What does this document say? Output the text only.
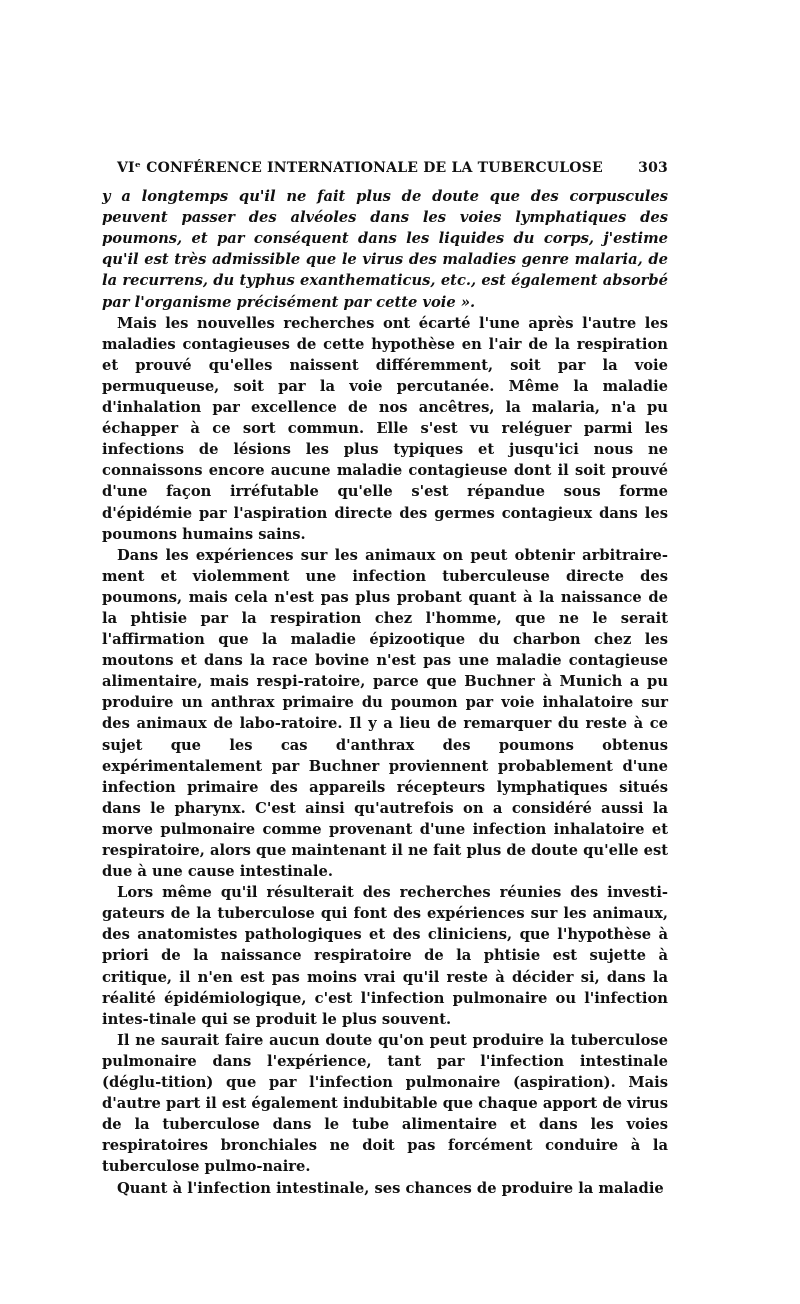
VIᵉ CONFÉRENCE INTERNATIONALE DE LA TUBERCULOSE	303

y a longtemps qu'il ne fait plus de doute que des corpuscules peuvent passer des alvéoles dans les voies lymphatiques des poumons, et par conséquent dans les liquides du corps, j'estime qu'il est très admissible que le virus des maladies genre malaria, de la recurrens, du typhus exanthematicus, etc., est également absorbé par l'organisme précisément par cette voie ».

Mais les nouvelles recherches ont écarté l'une après l'autre les maladies contagieuses de cette hypothèse en l'air de la respiration et prouvé qu'elles naissent différemment, soit par la voie permuqueuse, soit par la voie percutanée. Même la maladie d'inhalation par excellence de nos ancêtres, la malaria, n'a pu échapper à ce sort commun. Elle s'est vu reléguer parmi les infections de lésions les plus typiques et jusqu'ici nous ne connaissons encore aucune maladie contagieuse dont il soit prouvé d'une façon irréfutable qu'elle s'est répandue sous forme d'épidémie par l'aspiration directe des germes contagieux dans les poumons humains sains.

Dans les expériences sur les animaux on peut obtenir arbitraire-ment et violemment une infection tuberculeuse directe des poumons, mais cela n'est pas plus probant quant à la naissance de la phtisie par la respiration chez l'homme, que ne le serait l'affirmation que la maladie épizootique du charbon chez les moutons et dans la race bovine n'est pas une maladie contagieuse alimentaire, mais respi-ratoire, parce que Buchner à Munich a pu produire un anthrax primaire du poumon par voie inhalatoire sur des animaux de labo-ratoire. Il y a lieu de remarquer du reste à ce sujet que les cas d'anthrax des poumons obtenus expérimentalement par Buchner proviennent probablement d'une infection primaire des appareils récepteurs lymphatiques situés dans le pharynx. C'est ainsi qu'autrefois on a considéré aussi la morve pulmonaire comme provenant d'une infection inhalatoire et respiratoire, alors que maintenant il ne fait plus de doute qu'elle est due à une cause intestinale.

Lors même qu'il résulterait des recherches réunies des investi-gateurs de la tuberculose qui font des expériences sur les animaux, des anatomistes pathologiques et des cliniciens, que l'hypothèse à priori de la naissance respiratoire de la phtisie est sujette à critique, il n'en est pas moins vrai qu'il reste à décider si, dans la réalité épidémiologique, c'est l'infection pulmonaire ou l'infection intes-tinale qui se produit le plus souvent.

Il ne saurait faire aucun doute qu'on peut produire la tuberculose pulmonaire dans l'expérience, tant par l'infection intestinale (déglu-tition) que par l'infection pulmonaire (aspiration). Mais d'autre part il est également indubitable que chaque apport de virus de la tuberculose dans le tube alimentaire et dans les voies respiratoires bronchiales ne doit pas forcément conduire à la tuberculose pulmo-naire.

Quant à l'infection intestinale, ses chances de produire la maladie
